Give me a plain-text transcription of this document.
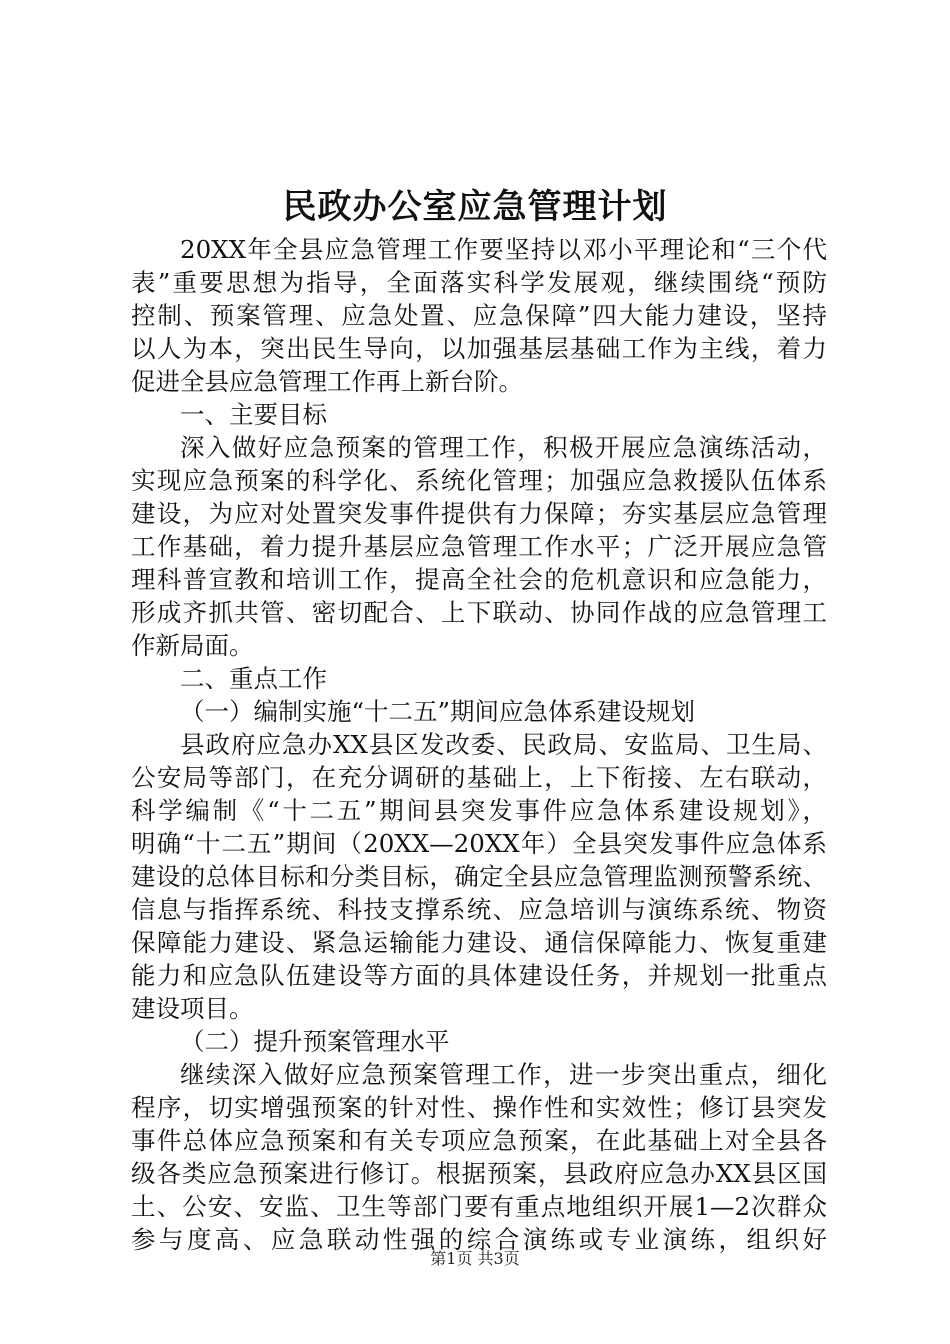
民政办公室应急管理计划
20XX年全县应急管理工作要坚持以邓小平理论和“三个代
表”重要思想为指导，全面落实科学发展观，继续围绕“预防
控制、预案管理、应急处置、应急保障”四大能力建设，坚持
以人为本，突出民生导向，以加强基层基础工作为主线，着力
促进全县应急管理工作再上新台阶。
一、主要目标
深入做好应急预案的管理工作，积极开展应急演练活动，
实现应急预案的科学化、系统化管理；加强应急救援队伍体系
建设，为应对处置突发事件提供有力保障；夯实基层应急管理
工作基础，着力提升基层应急管理工作水平；广泛开展应急管
理科普宣教和培训工作，提高全社会的危机意识和应急能力，
形成齐抓共管、密切配合、上下联动、协同作战的应急管理工
作新局面。
二、重点工作
（一）编制实施“十二五”期间应急体系建设规划
县政府应急办XX县区发改委、民政局、安监局、卫生局、
公安局等部门，在充分调研的基础上，上下衔接、左右联动，
科学编制《“十二五”期间县突发事件应急体系建设规划》，
明确“十二五”期间（20XX—20XX年）全县突发事件应急体系
建设的总体目标和分类目标，确定全县应急管理监测预警系统、
信息与指挥系统、科技支撑系统、应急培训与演练系统、物资
保障能力建设、紧急运输能力建设、通信保障能力、恢复重建
能力和应急队伍建设等方面的具体建设任务，并规划一批重点
建设项目。
（二）提升预案管理水平
继续深入做好应急预案管理工作，进一步突出重点，细化
程序，切实增强预案的针对性、操作性和实效性；修订县突发
事件总体应急预案和有关专项应急预案，在此基础上对全县各
级各类应急预案进行修订。根据预案，县政府应急办XX县区国
土、公安、安监、卫生等部门要有重点地组织开展1—2次群众
参与度高、应急联动性强的综合演练或专业演练，组织好
第1页 共3页
